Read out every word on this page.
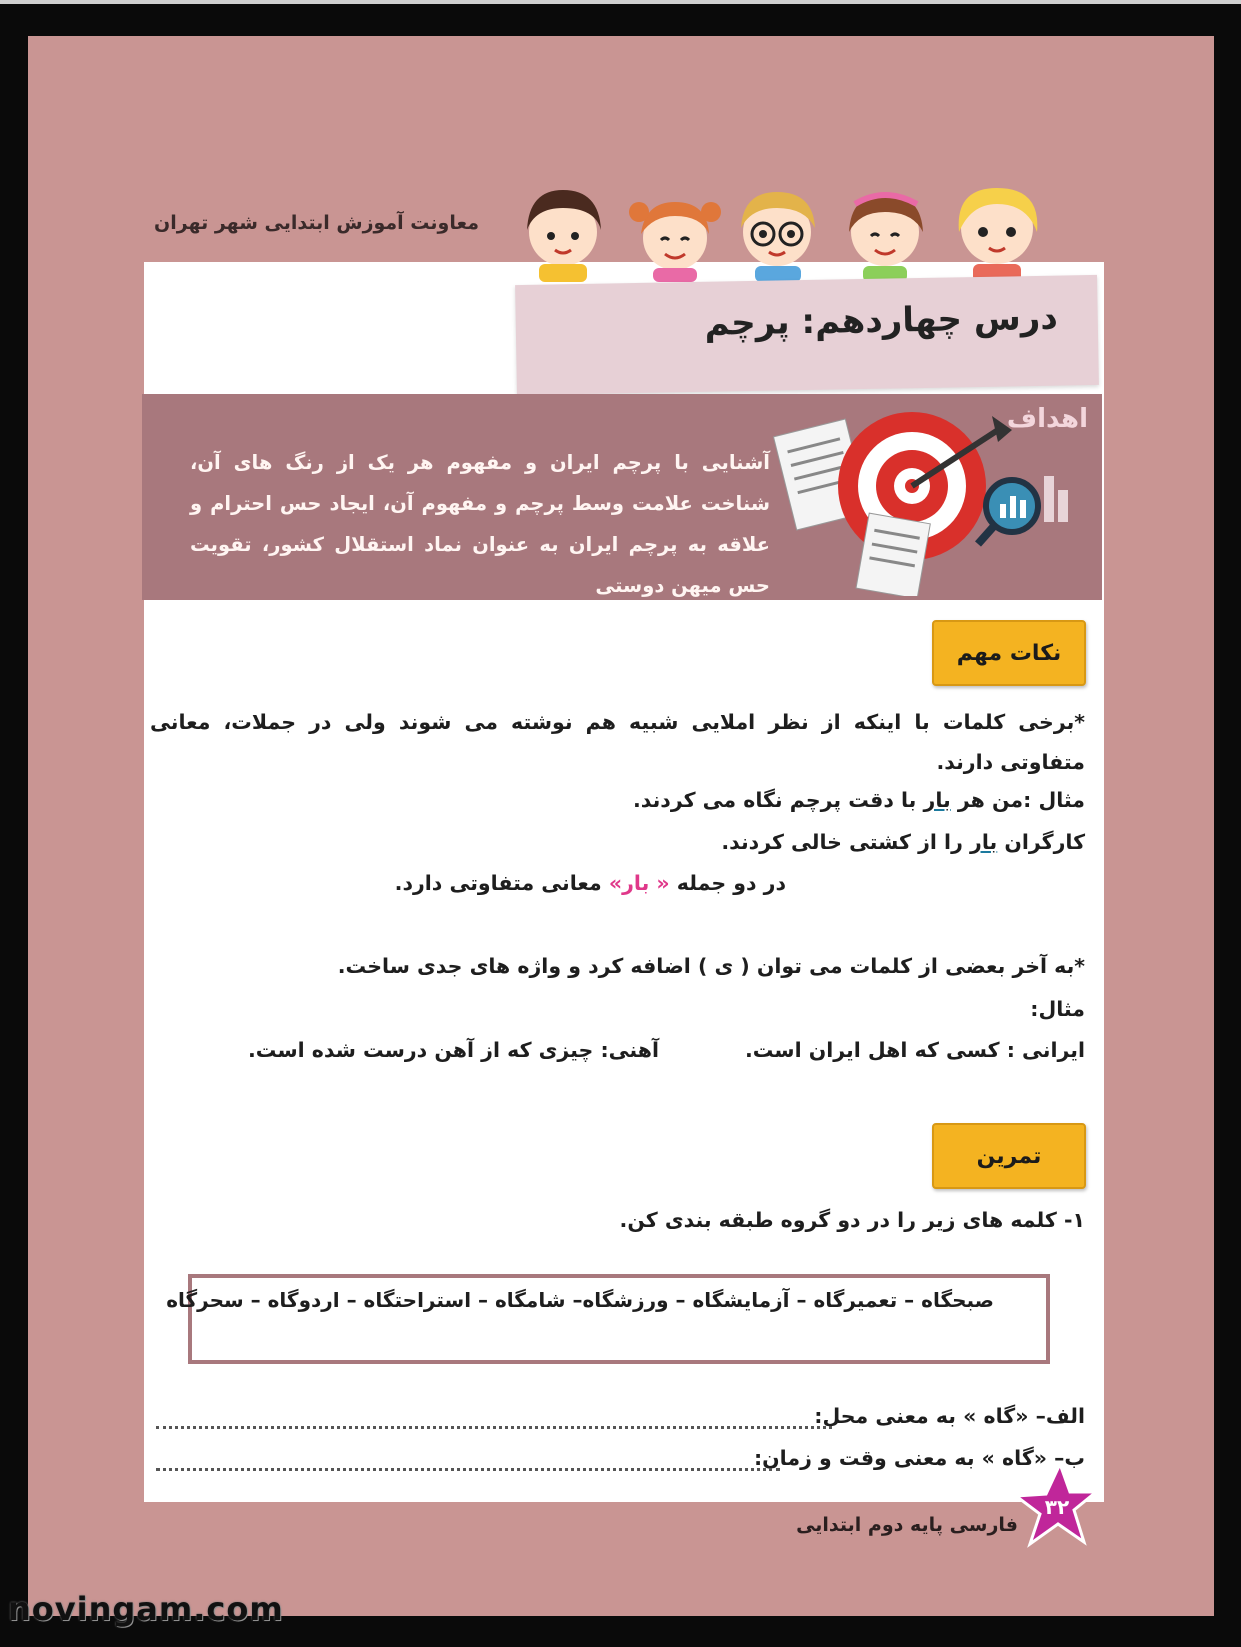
معاونت آموزش ابتدایی شهر تهران
درس چهاردهم: پرچم
اهداف
آشنایی با پرچم ایران و مفهوم هر یک از رنگ های آن، شناخت علامت وسط پرچم و مفهوم آن، ایجاد حس احترام و علاقه به پرچم ایران به عنوان نماد استقلال کشور، تقویت حس میهن دوستی
نکات مهم
*برخی کلمات با اینکه از نظر املایی شبیه هم نوشته می شوند ولی در جملات، معانی متفاوتی دارند.
مثال :من هر بار با دقت پرچم نگاه می کردند.
کارگران بار را از کشتی خالی کردند.
در دو جمله « بار» معانی متفاوتی دارد.
*به آخر بعضی از کلمات می توان ( ی ) اضافه کرد و واژه های جدی ساخت.
مثال:
ایرانی : کسی که اهل ایران است.
آهنی: چیزی که از آهن درست شده است.
تمرین
۱- کلمه های زیر را در دو گروه طبقه بندی کن.
صبحگاه – تعمیرگاه – آزمایشگاه – ورزشگاه– شامگاه – استراحتگاه – اردوگاه – سحرگاه
الف– «گاه » به معنی محل:
ب– «گاه » به معنی وقت و زمان:
۳۲
فارسی پایه دوم ابتدایی
novingam.com
